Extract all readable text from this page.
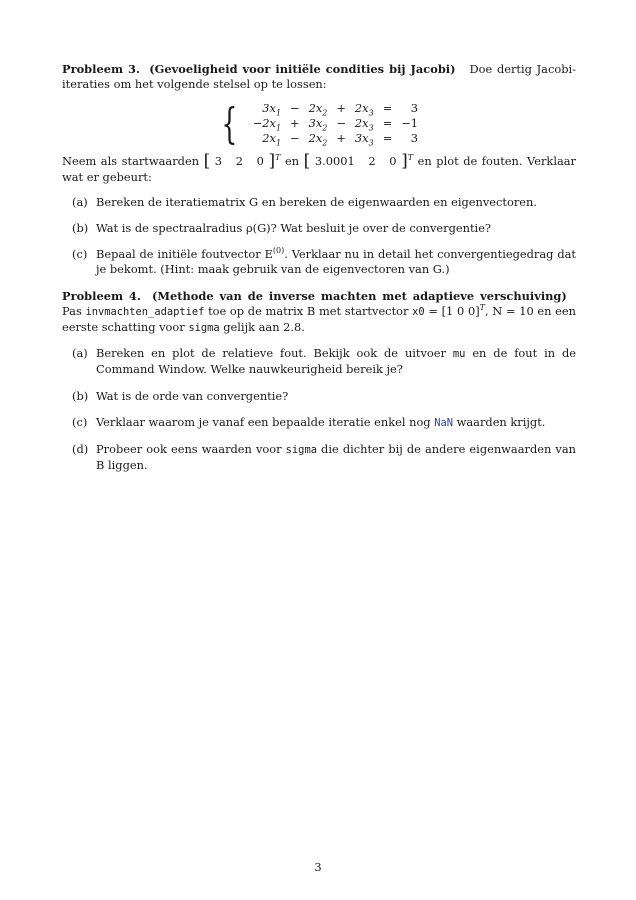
Probleem 3. (Gevoeligheid voor initiële condities bij Jacobi) Doe dertig Jacobi-iteraties om het volgende stelsel op te lossen:

{ $3x_1$	−	$2x_2$	+	$2x_3$	=	3
$-2x_1$	+	$3x_2$	−	$2x_3$	=	−1
$2x_1$	−	$2x_2$	+	$3x_3$	=	3

Neem als startwaarden [ 3   2   0 ]$^T$ en [ 3.0001   2   0 ]$^T$ en plot de fouten. Verklaar wat er gebeurt:

(a) Bereken de iteratiematrix G en bereken de eigenwaarden en eigenvectoren.
(b) Wat is de spectraalradius ρ(G)? Wat besluit je over de convergentie?
(c) Bepaal de initiële foutvector $E^{(0)}$. Verklaar nu in detail het convergentiegedrag dat je bekomt. (Hint: maak gebruik van de eigenvectoren van G.)

Probleem 4. (Methode van de inverse machten met adaptieve verschuiving)   Pas invmachten_adaptief toe op de matrix B met startvector x0 = [1 0 0]$^T$, N = 10 en een eerste schatting voor sigma gelijk aan 2.8.

(a) Bereken en plot de relatieve fout. Bekijk ook de uitvoer mu en de fout in de Command Window. Welke nauwkeurigheid bereik je?
(b) Wat is de orde van convergentie?
(c) Verklaar waarom je vanaf een bepaalde iteratie enkel nog NaN waarden krijgt.
(d) Probeer ook eens waarden voor sigma die dichter bij de andere eigenwaarden van B liggen.
3
